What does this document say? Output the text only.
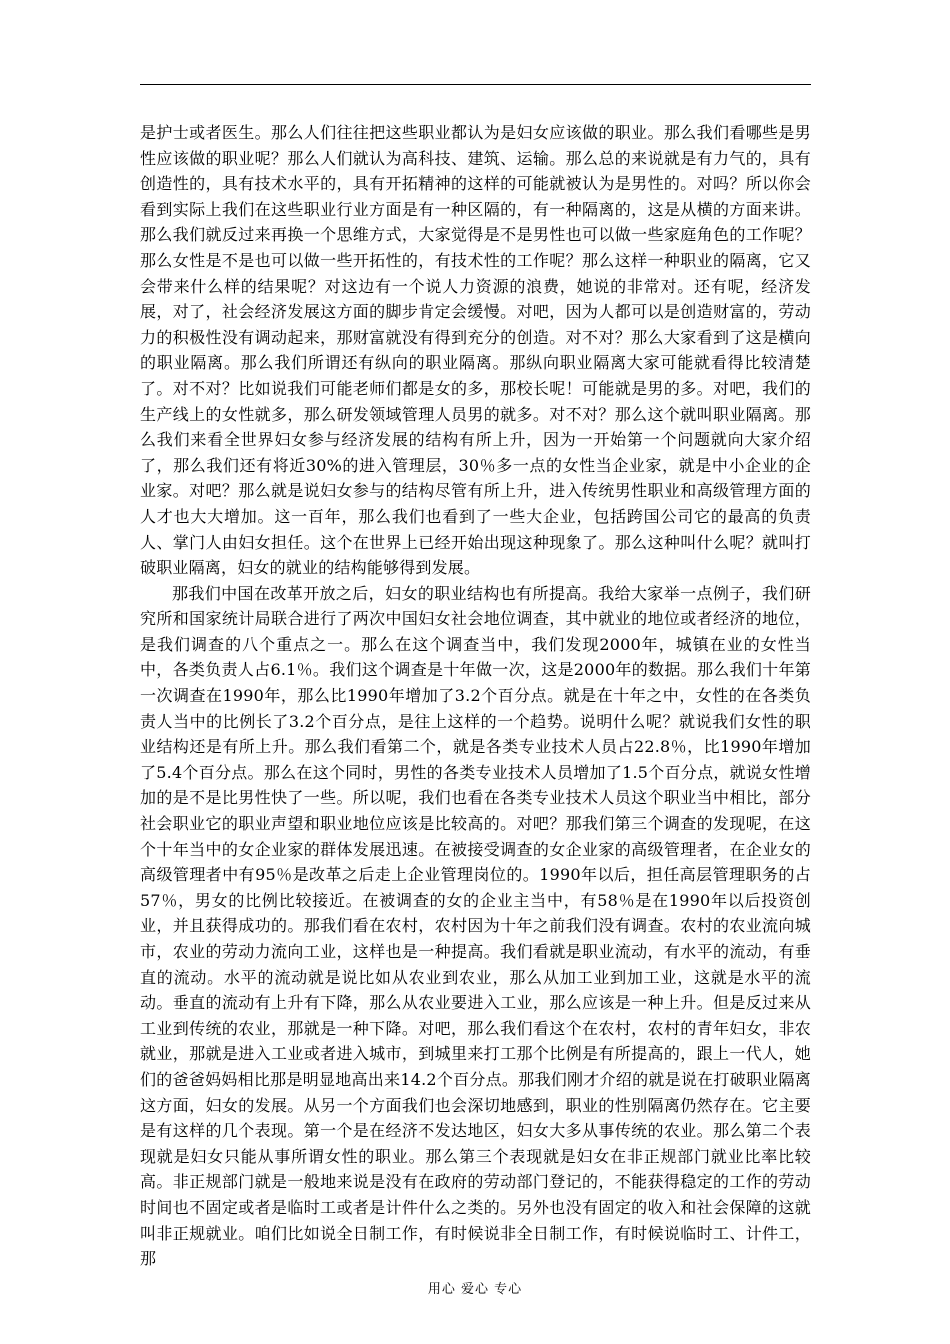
是护士或者医生。那么人们往往把这些职业都认为是妇女应该做的职业。那么我们看哪些是男性应该做的职业呢？那么人们就认为高科技、建筑、运输。那么总的来说就是有力气的，具有创造性的，具有技术水平的，具有开拓精神的这样的可能就被认为是男性的。对吗？所以你会看到实际上我们在这些职业行业方面是有一种区隔的，有一种隔离的，这是从横的方面来讲。那么我们就反过来再换一个思维方式，大家觉得是不是男性也可以做一些家庭角色的工作呢？那么女性是不是也可以做一些开拓性的，有技术性的工作呢？那么这样一种职业的隔离，它又会带来什么样的结果呢？对这边有一个说人力资源的浪费，她说的非常对。还有呢，经济发展，对了，社会经济发展这方面的脚步肯定会缓慢。对吧，因为人都可以是创造财富的，劳动力的积极性没有调动起来，那财富就没有得到充分的创造。对不对？那么大家看到了这是横向的职业隔离。那么我们所谓还有纵向的职业隔离。那纵向职业隔离大家可能就看得比较清楚了。对不对？比如说我们可能老师们都是女的多，那校长呢！可能就是男的多。对吧，我们的生产线上的女性就多，那么研发领域管理人员男的就多。对不对？那么这个就叫职业隔离。那么我们来看全世界妇女参与经济发展的结构有所上升，因为一开始第一个问题就向大家介绍了，那么我们还有将近30%的进入管理层，30％多一点的女性当企业家，就是中小企业的企业家。对吧？那么就是说妇女参与的结构尽管有所上升，进入传统男性职业和高级管理方面的人才也大大增加。这一百年，那么我们也看到了一些大企业，包括跨国公司它的最高的负责人、掌门人由妇女担任。这个在世界上已经开始出现这种现象了。那么这种叫什么呢？就叫打破职业隔离，妇女的就业的结构能够得到发展。

那我们中国在改革开放之后，妇女的职业结构也有所提高。我给大家举一点例子，我们研究所和国家统计局联合进行了两次中国妇女社会地位调查，其中就业的地位或者经济的地位，是我们调查的八个重点之一。那么在这个调查当中，我们发现2000年，城镇在业的女性当中，各类负责人占6.1％。我们这个调查是十年做一次，这是2000年的数据。那么我们十年第一次调查在1990年，那么比1990年增加了3.2个百分点。就是在十年之中，女性的在各类负责人当中的比例长了3.2个百分点，是往上这样的一个趋势。说明什么呢？就说我们女性的职业结构还是有所上升。那么我们看第二个，就是各类专业技术人员占22.8％，比1990年增加了5.4个百分点。那么在这个同时，男性的各类专业技术人员增加了1.5个百分点，就说女性增加的是不是比男性快了一些。所以呢，我们也看在各类专业技术人员这个职业当中相比，部分社会职业它的职业声望和职业地位应该是比较高的。对吧？那我们第三个调查的发现呢，在这个十年当中的女企业家的群体发展迅速。在被接受调查的女企业家的高级管理者，在企业女的高级管理者中有95％是改革之后走上企业管理岗位的。1990年以后，担任高层管理职务的占57％，男女的比例比较接近。在被调查的女的企业主当中，有58％是在1990年以后投资创业，并且获得成功的。那我们看在农村，农村因为十年之前我们没有调查。农村的农业流向城市，农业的劳动力流向工业，这样也是一种提高。我们看就是职业流动，有水平的流动，有垂直的流动。水平的流动就是说比如从农业到农业，那么从加工业到加工业，这就是水平的流动。垂直的流动有上升有下降，那么从农业要进入工业，那么应该是一种上升。但是反过来从工业到传统的农业，那就是一种下降。对吧，那么我们看这个在农村，农村的青年妇女，非农就业，那就是进入工业或者进入城市，到城里来打工那个比例是有所提高的，跟上一代人，她们的爸爸妈妈相比那是明显地高出来14.2个百分点。那我们刚才介绍的就是说在打破职业隔离这方面，妇女的发展。从另一个方面我们也会深切地感到，职业的性别隔离仍然存在。它主要是有这样的几个表现。第一个是在经济不发达地区，妇女大多从事传统的农业。那么第二个表现就是妇女只能从事所谓女性的职业。那么第三个表现就是妇女在非正规部门就业比率比较高。非正规部门就是一般地来说是没有在政府的劳动部门登记的，不能获得稳定的工作的劳动时间也不固定或者是临时工或者是计件什么之类的。另外也没有固定的收入和社会保障的这就叫非正规就业。咱们比如说全日制工作，有时候说非全日制工作，有时候说临时工、计件工，那

用心 爱心 专心
